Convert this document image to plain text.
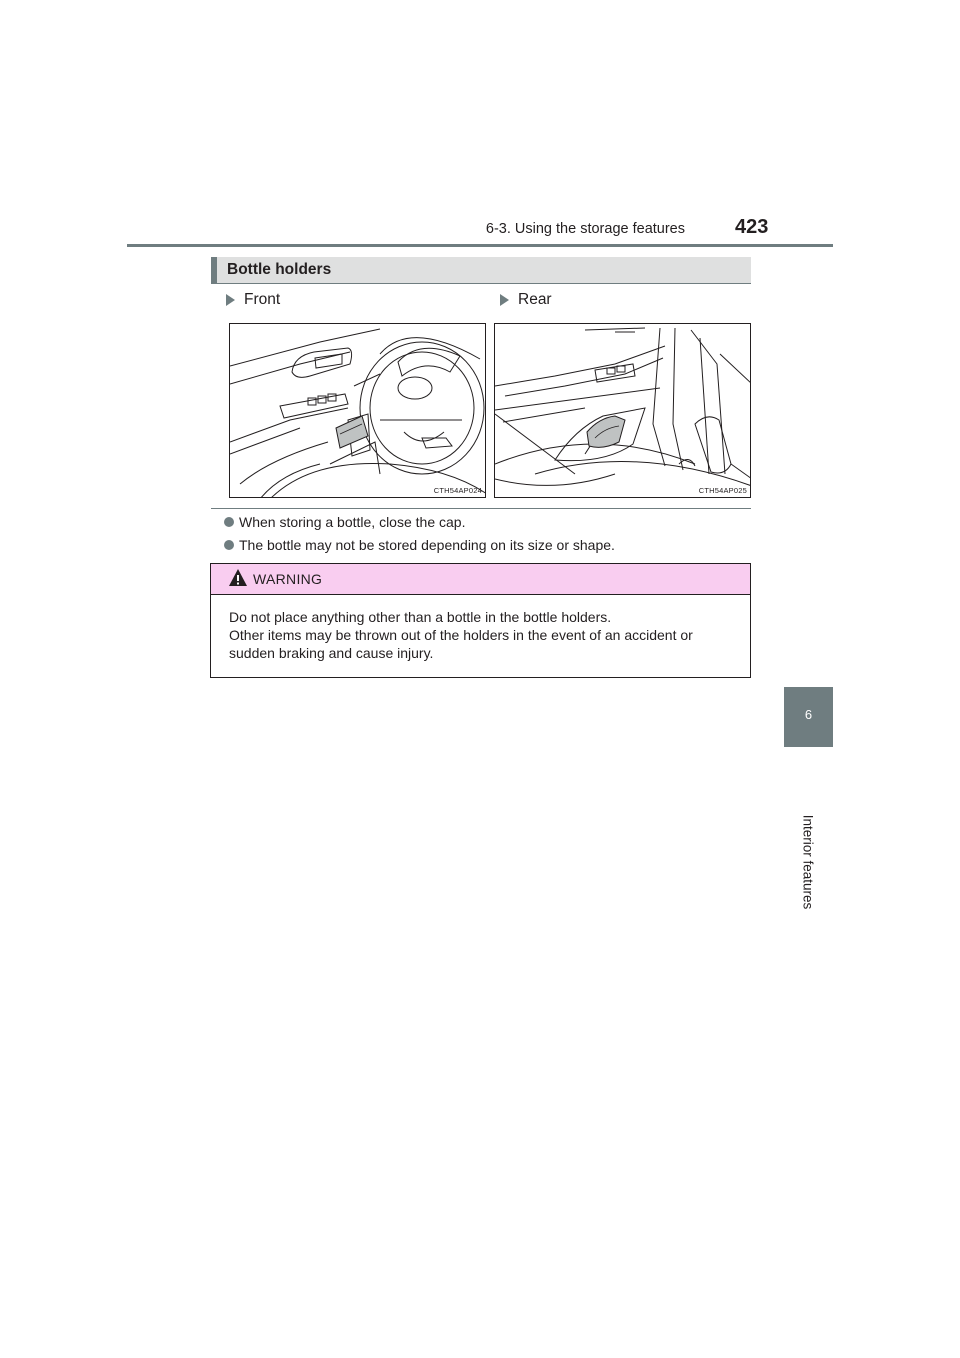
6-3. Using the storage features	423
6
Interior features
Bottle holders
Front	Rear
CTH54AP024	CTH54AP025
When storing a bottle, close the cap.
The bottle may not be stored depending on its size or shape.
WARNING

Do not place anything other than a bottle in the bottle holders.

Other items may be thrown out of the holders in the event of an accident or

sudden braking and cause injury.
